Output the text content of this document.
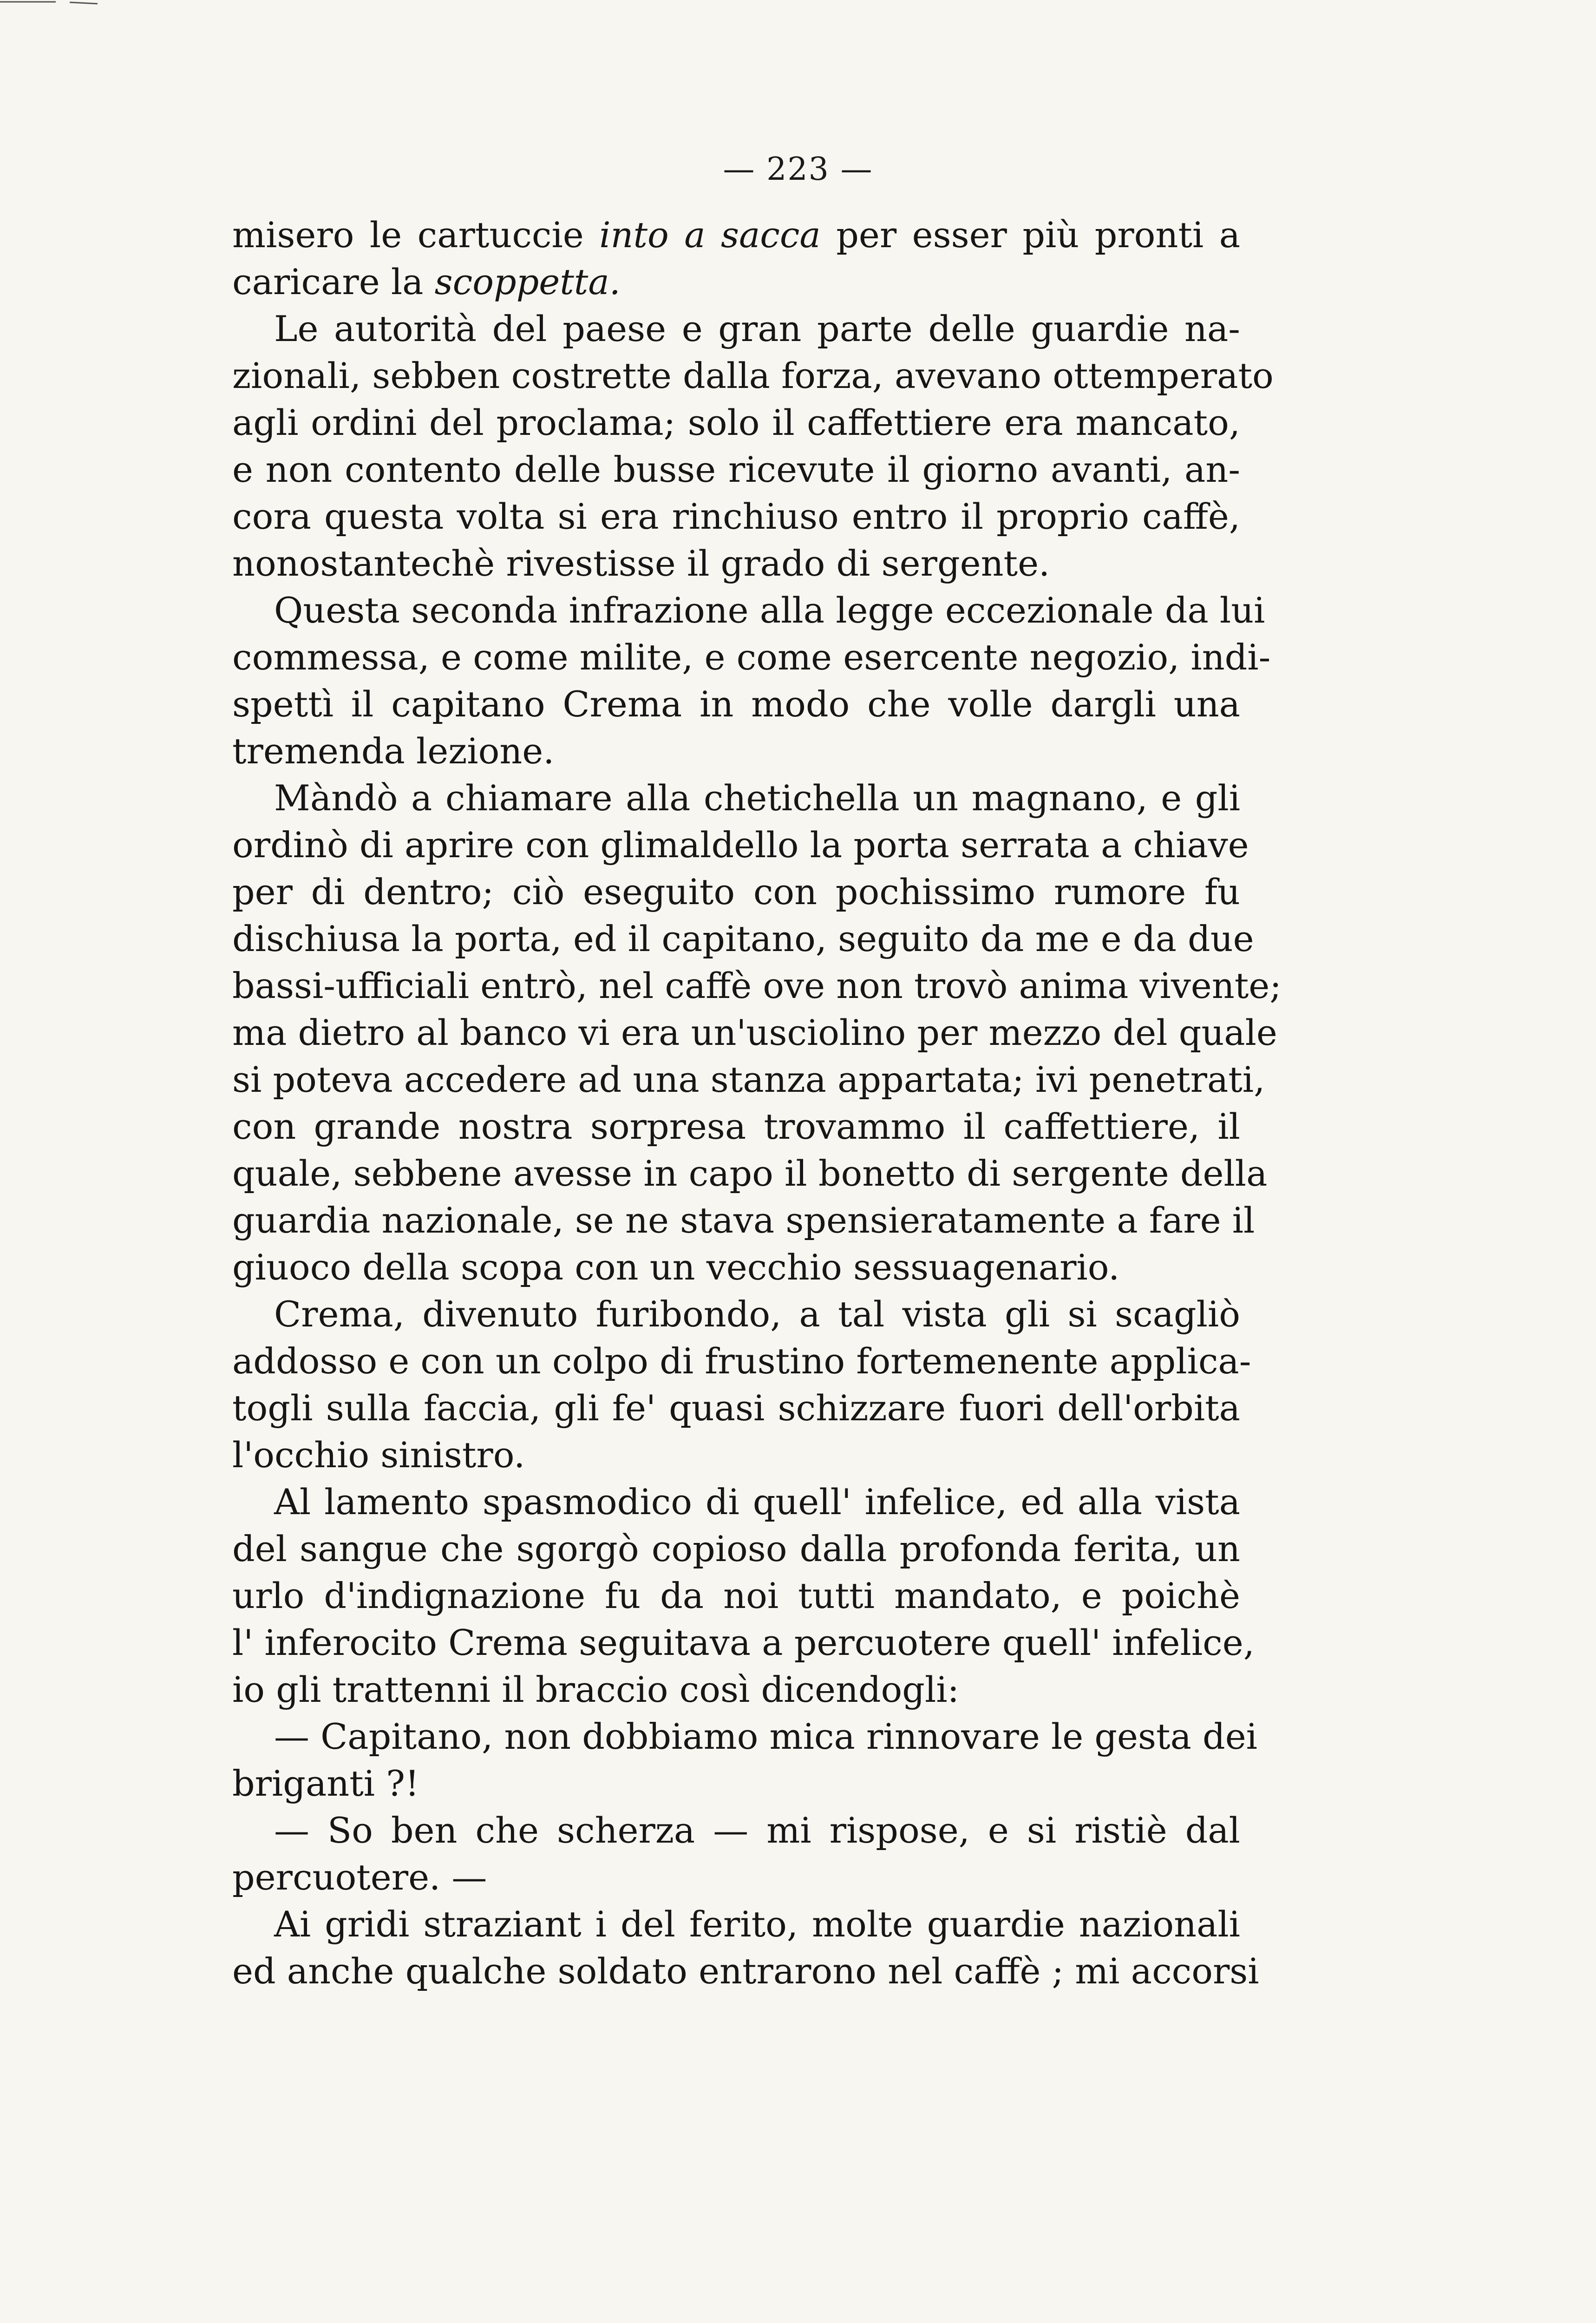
— 223 —
misero le cartuccie into a sacca per esser più pronti a
caricare la scoppetta.
Le autorità del paese e gran parte delle guardie na-
zionali, sebben costrette dalla forza, avevano ottemperato
agli ordini del proclama; solo il caffettiere era mancato,
e non contento delle busse ricevute il giorno avanti, an-
cora questa volta si era rinchiuso entro il proprio caffè,
nonostantechè rivestisse il grado di sergente.
Questa seconda infrazione alla legge eccezionale da lui
commessa, e come milite, e come esercente negozio, indi-
spettì il capitano Crema in modo che volle dargli una
tremenda lezione.
Màndò a chiamare alla chetichella un magnano, e gli
ordinò di aprire con glimaldello la porta serrata a chiave
per di dentro; ciò eseguito con pochissimo rumore fu
dischiusa la porta, ed il capitano, seguito da me e da due
bassi-ufficiali entrò, nel caffè ove non trovò anima vivente;
ma dietro al banco vi era un'usciolino per mezzo del quale
si poteva accedere ad una stanza appartata; ivi penetrati,
con grande nostra sorpresa trovammo il caffettiere, il
quale, sebbene avesse in capo il bonetto di sergente della
guardia nazionale, se ne stava spensieratamente a fare il
giuoco della scopa con un vecchio sessuagenario.
Crema, divenuto furibondo, a tal vista gli si scagliò
addosso e con un colpo di frustino fortemenente applica-
togli sulla faccia, gli fe' quasi schizzare fuori dell'orbita
l'occhio sinistro.
Al lamento spasmodico di quell' infelice, ed alla vista
del sangue che sgorgò copioso dalla profonda ferita, un
urlo d'indignazione fu da noi tutti mandato, e poichè
l' inferocito Crema seguitava a percuotere quell' infelice,
io gli trattenni il braccio così dicendogli:
— Capitano, non dobbiamo mica rinnovare le gesta dei
briganti ?!
— So ben che scherza — mi rispose, e si ristiè dal
percuotere. —
Ai gridi straziant i del ferito, molte guardie nazionali
ed anche qualche soldato entrarono nel caffè ; mi accorsi
